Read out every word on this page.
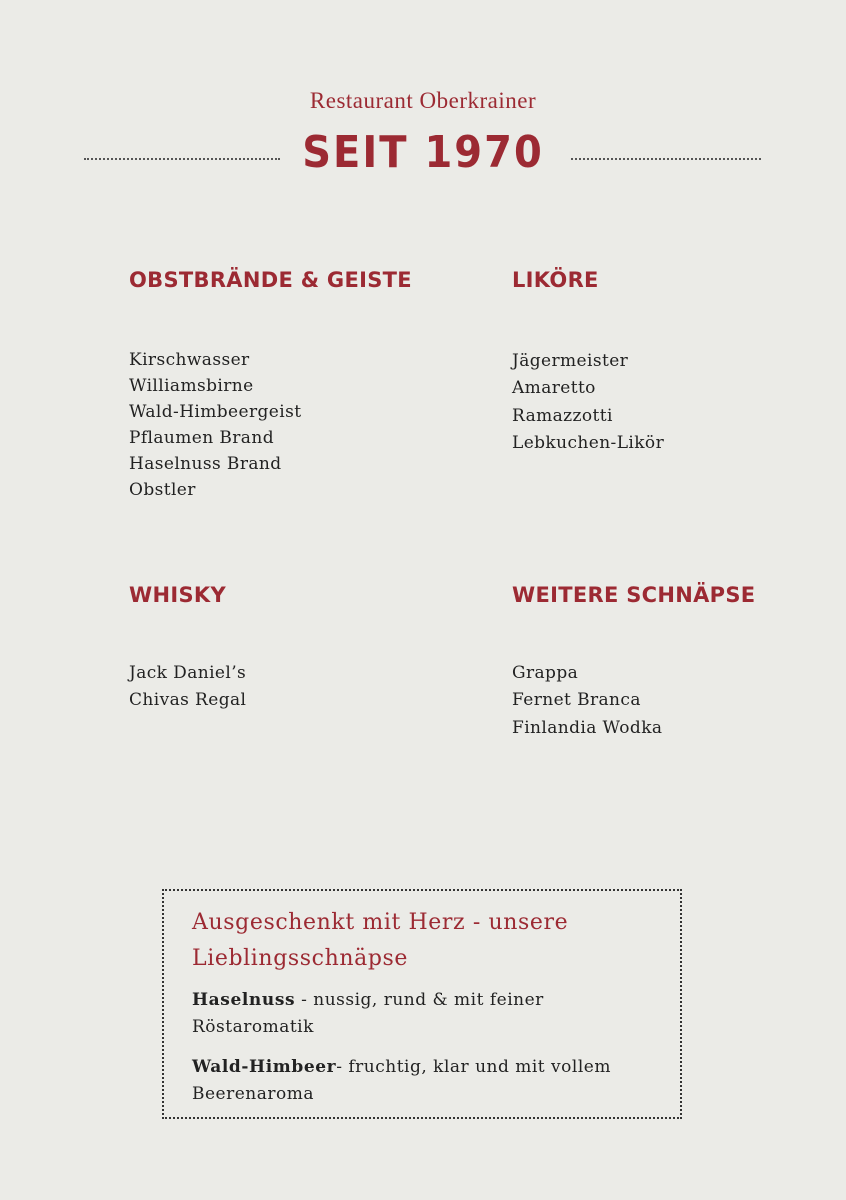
Restaurant Oberkrainer
SEIT 1970
OBSTBRÄNDE & GEISTE
Kirschwasser
Williamsbirne
Wald-Himbeergeist
Pflaumen Brand
Haselnuss Brand
Obstler
LIKÖRE
Jägermeister
Amaretto
Ramazzotti
Lebkuchen-Likör
WHISKY
Jack Daniel’s
Chivas Regal
WEITERE SCHNÄPSE
Grappa
Fernet Branca
Finlandia Wodka

Ausgeschenkt mit Herz - unsere Lieblingsschnäpse

Haselnuss - nussig, rund & mit feiner Röstaromatik

Wald-Himbeer- fruchtig, klar und mit vollem Beerenaroma
